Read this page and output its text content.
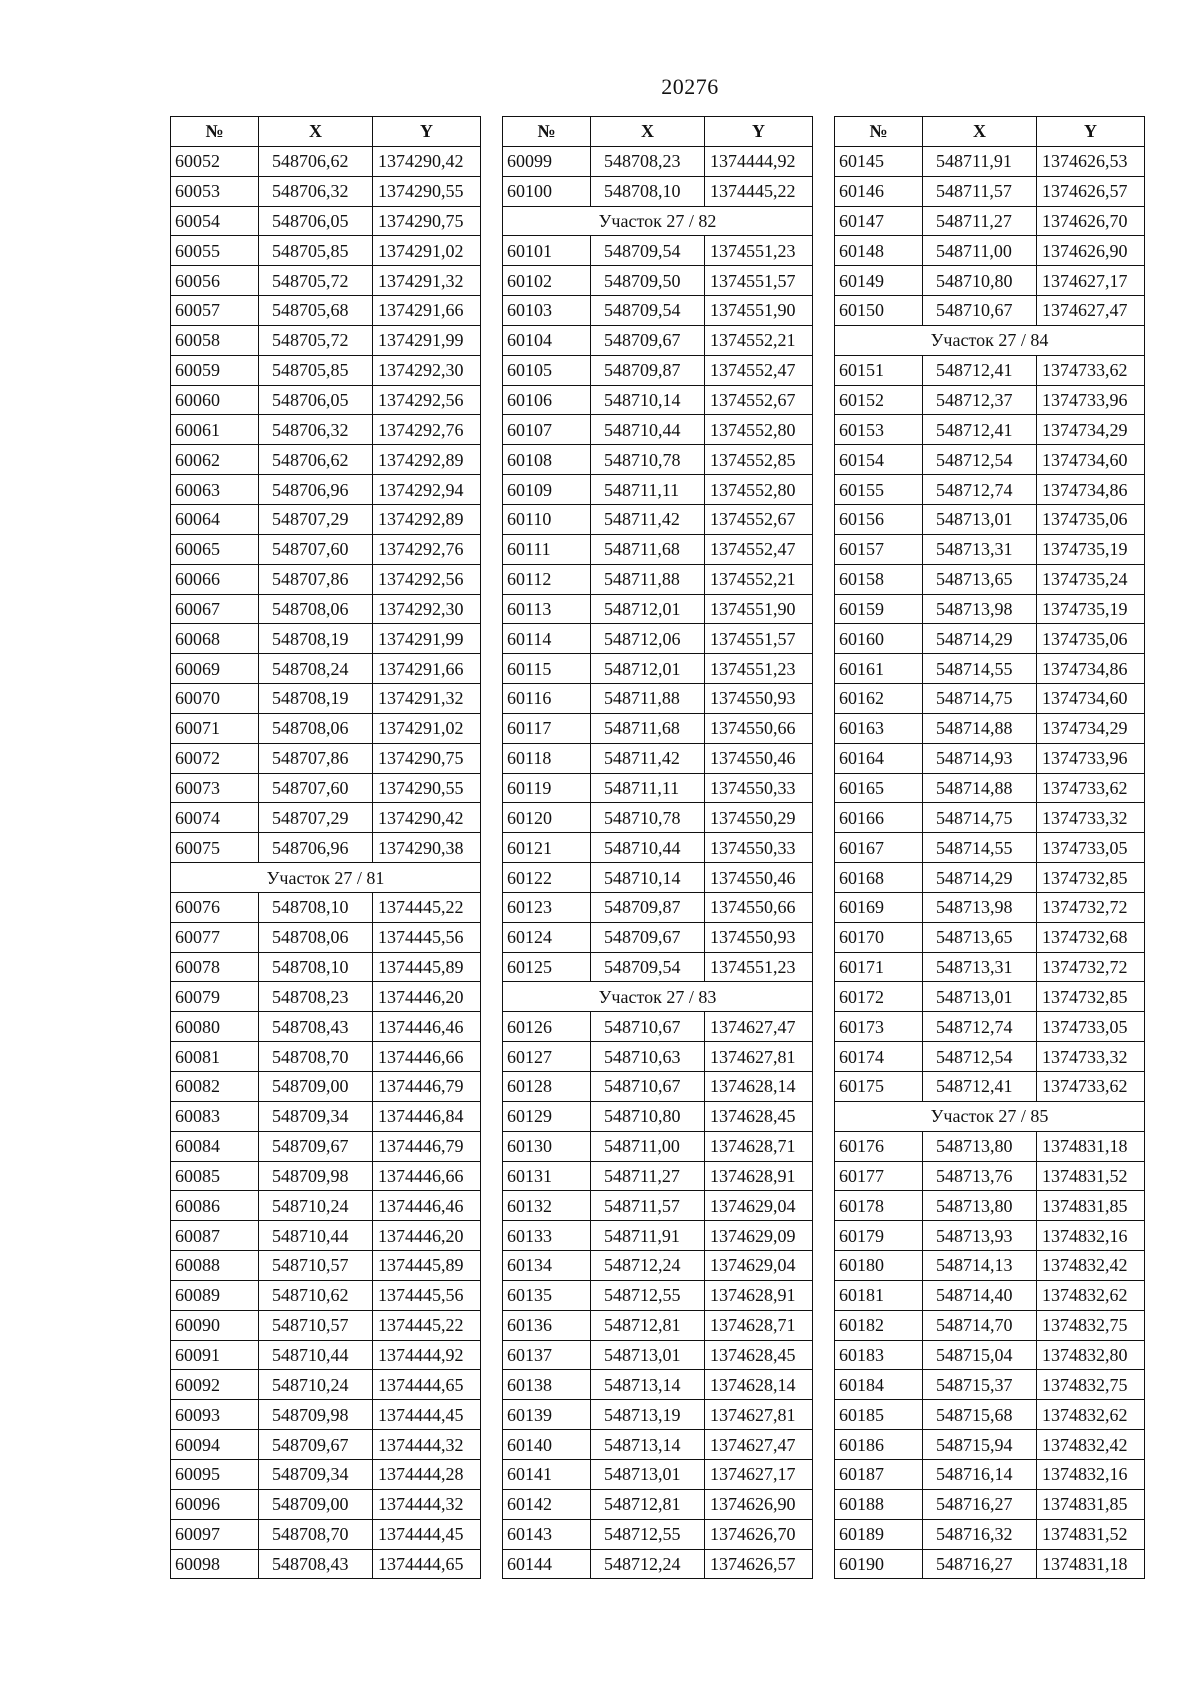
20276
№	X	Y
60052	548706,62	1374290,42
60053	548706,32	1374290,55
60054	548706,05	1374290,75
60055	548705,85	1374291,02
60056	548705,72	1374291,32
60057	548705,68	1374291,66
60058	548705,72	1374291,99
60059	548705,85	1374292,30
60060	548706,05	1374292,56
60061	548706,32	1374292,76
60062	548706,62	1374292,89
60063	548706,96	1374292,94
60064	548707,29	1374292,89
60065	548707,60	1374292,76
60066	548707,86	1374292,56
60067	548708,06	1374292,30
60068	548708,19	1374291,99
60069	548708,24	1374291,66
60070	548708,19	1374291,32
60071	548708,06	1374291,02
60072	548707,86	1374290,75
60073	548707,60	1374290,55
60074	548707,29	1374290,42
60075	548706,96	1374290,38
Участок 27 / 81		
60076	548708,10	1374445,22
60077	548708,06	1374445,56
60078	548708,10	1374445,89
60079	548708,23	1374446,20
60080	548708,43	1374446,46
60081	548708,70	1374446,66
60082	548709,00	1374446,79
60083	548709,34	1374446,84
60084	548709,67	1374446,79
60085	548709,98	1374446,66
60086	548710,24	1374446,46
60087	548710,44	1374446,20
60088	548710,57	1374445,89
60089	548710,62	1374445,56
60090	548710,57	1374445,22
60091	548710,44	1374444,92
60092	548710,24	1374444,65
60093	548709,98	1374444,45
60094	548709,67	1374444,32
60095	548709,34	1374444,28
60096	548709,00	1374444,32
60097	548708,70	1374444,45
60098	548708,43	1374444,65
№	X	Y
60099	548708,23	1374444,92
60100	548708,10	1374445,22
Участок 27 / 82		
60101	548709,54	1374551,23
60102	548709,50	1374551,57
60103	548709,54	1374551,90
60104	548709,67	1374552,21
60105	548709,87	1374552,47
60106	548710,14	1374552,67
60107	548710,44	1374552,80
60108	548710,78	1374552,85
60109	548711,11	1374552,80
60110	548711,42	1374552,67
60111	548711,68	1374552,47
60112	548711,88	1374552,21
60113	548712,01	1374551,90
60114	548712,06	1374551,57
60115	548712,01	1374551,23
60116	548711,88	1374550,93
60117	548711,68	1374550,66
60118	548711,42	1374550,46
60119	548711,11	1374550,33
60120	548710,78	1374550,29
60121	548710,44	1374550,33
60122	548710,14	1374550,46
60123	548709,87	1374550,66
60124	548709,67	1374550,93
60125	548709,54	1374551,23
Участок 27 / 83		
60126	548710,67	1374627,47
60127	548710,63	1374627,81
60128	548710,67	1374628,14
60129	548710,80	1374628,45
60130	548711,00	1374628,71
60131	548711,27	1374628,91
60132	548711,57	1374629,04
60133	548711,91	1374629,09
60134	548712,24	1374629,04
60135	548712,55	1374628,91
60136	548712,81	1374628,71
60137	548713,01	1374628,45
60138	548713,14	1374628,14
60139	548713,19	1374627,81
60140	548713,14	1374627,47
60141	548713,01	1374627,17
60142	548712,81	1374626,90
60143	548712,55	1374626,70
60144	548712,24	1374626,57
№	X	Y
60145	548711,91	1374626,53
60146	548711,57	1374626,57
60147	548711,27	1374626,70
60148	548711,00	1374626,90
60149	548710,80	1374627,17
60150	548710,67	1374627,47
Участок 27 / 84		
60151	548712,41	1374733,62
60152	548712,37	1374733,96
60153	548712,41	1374734,29
60154	548712,54	1374734,60
60155	548712,74	1374734,86
60156	548713,01	1374735,06
60157	548713,31	1374735,19
60158	548713,65	1374735,24
60159	548713,98	1374735,19
60160	548714,29	1374735,06
60161	548714,55	1374734,86
60162	548714,75	1374734,60
60163	548714,88	1374734,29
60164	548714,93	1374733,96
60165	548714,88	1374733,62
60166	548714,75	1374733,32
60167	548714,55	1374733,05
60168	548714,29	1374732,85
60169	548713,98	1374732,72
60170	548713,65	1374732,68
60171	548713,31	1374732,72
60172	548713,01	1374732,85
60173	548712,74	1374733,05
60174	548712,54	1374733,32
60175	548712,41	1374733,62
Участок 27 / 85		
60176	548713,80	1374831,18
60177	548713,76	1374831,52
60178	548713,80	1374831,85
60179	548713,93	1374832,16
60180	548714,13	1374832,42
60181	548714,40	1374832,62
60182	548714,70	1374832,75
60183	548715,04	1374832,80
60184	548715,37	1374832,75
60185	548715,68	1374832,62
60186	548715,94	1374832,42
60187	548716,14	1374832,16
60188	548716,27	1374831,85
60189	548716,32	1374831,52
60190	548716,27	1374831,18
